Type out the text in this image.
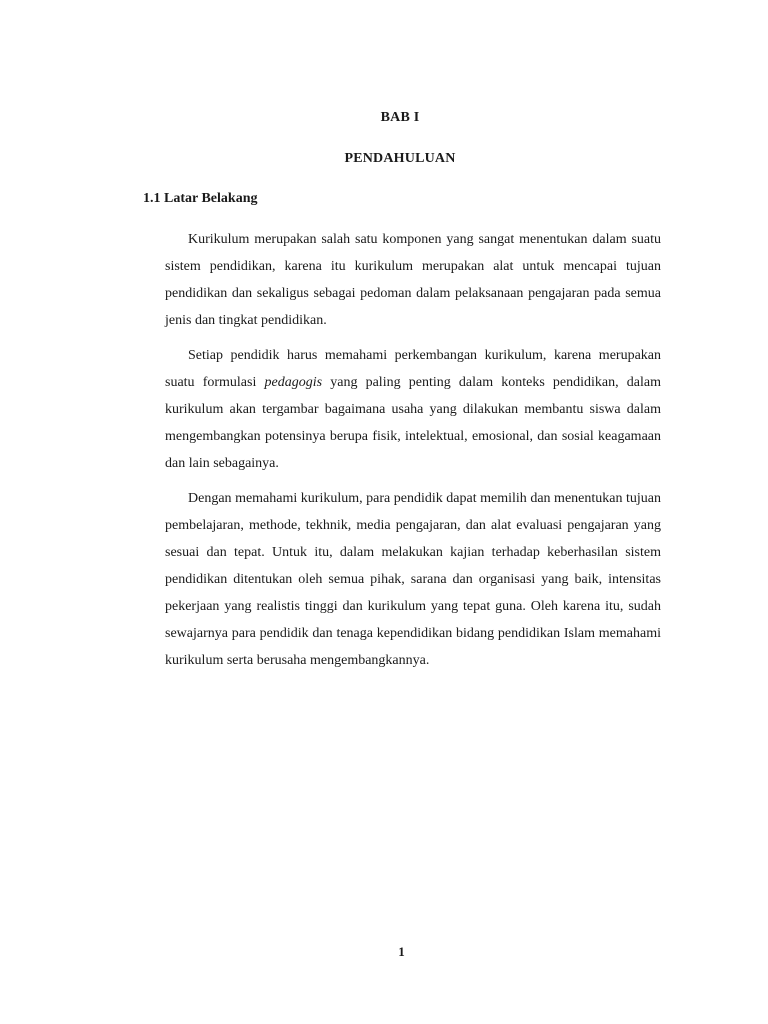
BAB I
PENDAHULUAN
1.1 Latar Belakang

Kurikulum merupakan salah satu komponen yang sangat menentukan dalam suatu sistem pendidikan, karena itu kurikulum merupakan alat untuk mencapai tujuan pendidikan dan sekaligus sebagai pedoman dalam pelaksanaan pengajaran pada semua jenis dan tingkat pendidikan.

Setiap pendidik harus memahami perkembangan kurikulum, karena merupakan suatu formulasi pedagogis yang paling penting dalam konteks pendidikan, dalam kurikulum akan tergambar bagaimana usaha yang dilakukan membantu siswa dalam mengembangkan potensinya berupa fisik, intelektual, emosional, dan sosial keagamaan dan lain sebagainya.

Dengan memahami kurikulum, para pendidik dapat memilih dan menentukan tujuan pembelajaran, methode, tekhnik, media pengajaran, dan alat evaluasi pengajaran yang sesuai dan tepat. Untuk itu, dalam melakukan kajian terhadap keberhasilan sistem pendidikan ditentukan oleh semua pihak, sarana dan organisasi yang baik, intensitas pekerjaan yang realistis tinggi dan kurikulum yang tepat guna. Oleh karena itu, sudah sewajarnya para pendidik dan tenaga kependidikan bidang pendidikan Islam memahami kurikulum serta berusaha mengembangkannya.

1
